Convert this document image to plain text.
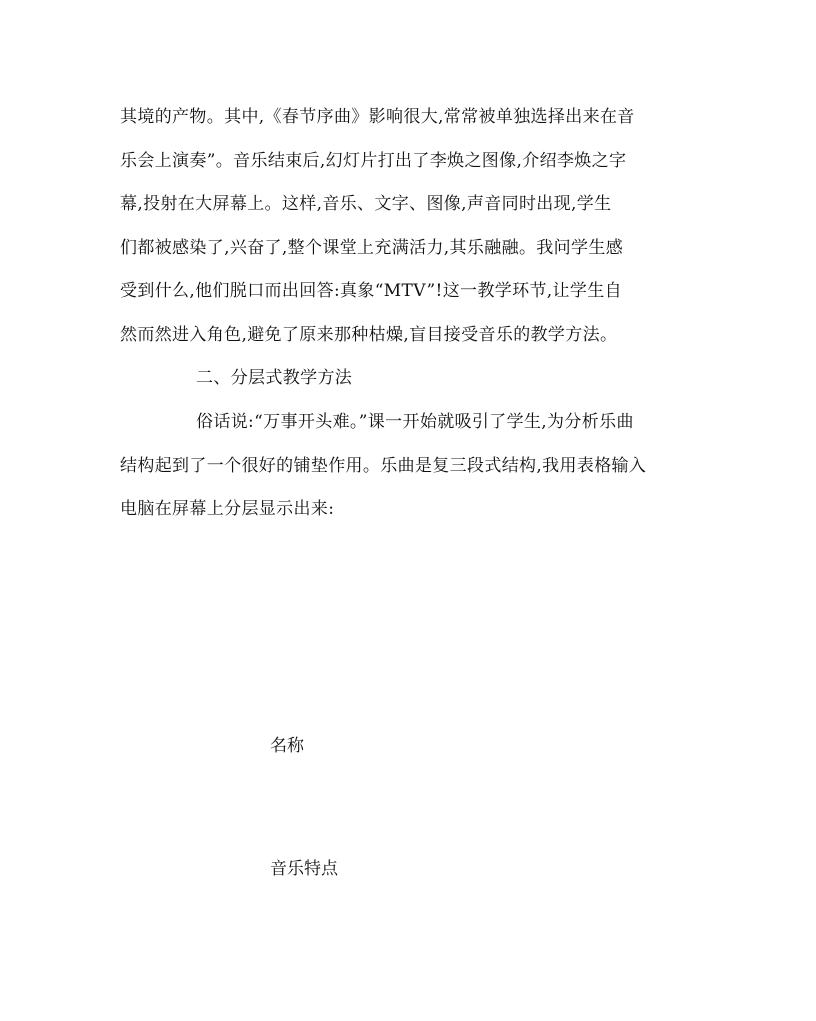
其境的产物。其中,《春节序曲》影响很大,常常被单独选择出来在音
乐会上演奏”。音乐结束后,幻灯片打出了李焕之图像,介绍李焕之字
幕,投射在大屏幕上。这样,音乐、文字、图像,声音同时出现,学生
们都被感染了,兴奋了,整个课堂上充满活力,其乐融融。我问学生感
受到什么,他们脱口而出回答:真象“MTV”!这一教学环节,让学生自
然而然进入角色,避免了原来那种枯燥,盲目接受音乐的教学方法。
二、分层式教学方法
俗话说:“万事开头难。”课一开始就吸引了学生,为分析乐曲
结构起到了一个很好的铺垫作用。乐曲是复三段式结构,我用表格输入
电脑在屏幕上分层显示出来:
名称
音乐特点
